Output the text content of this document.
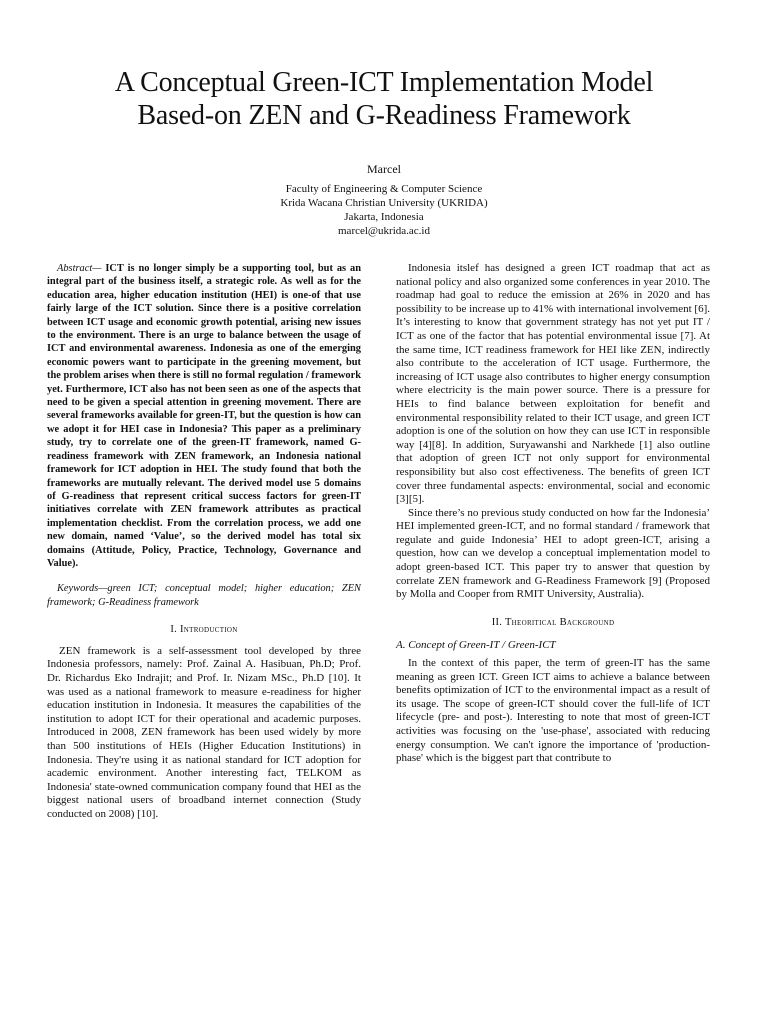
A Conceptual Green-ICT Implementation Model
Based-on ZEN and G-Readiness Framework
Marcel
Faculty of Engineering & Computer Science
Krida Wacana Christian University (UKRIDA)
Jakarta, Indonesia
marcel@ukrida.ac.id

Abstract— ICT is no longer simply be a supporting tool, but as an integral part of the business itself, a strategic role. As well as for the education area, higher education institution (HEI) is one-of that use fairly large of the ICT solution. Since there is a positive correlation between ICT usage and economic growth potential, arising new issues to the environment. There is an urge to balance between the usage of ICT and environmental awareness. Indonesia as one of the emerging economic powers want to participate in the greening movement, but the problem arises when there is still no formal regulation / framework yet. Furthermore, ICT also has not been seen as one of the aspects that need to be given a special attention in greening movement. There are several frameworks available for green-IT, but the question is how can we adopt it for HEI case in Indonesia? This paper as a preliminary study, try to correlate one of the green-IT framework, named G-readiness framework with ZEN framework, an Indonesia national framework for ICT adoption in HEI. The study found that both the frameworks are mutually relevant. The derived model use 5 domains of G-readiness that represent critical success factors for green-IT initiatives correlate with ZEN framework attributes as practical implementation checklist. From the correlation process, we add one new domain, named ‘Value’, so the derived model has total six domains (Attitude, Policy, Practice, Technology, Governance and Value).

Keywords—green ICT; conceptual model; higher education; ZEN framework; G-Readiness framework

I. Introduction

ZEN framework is a self-assessment tool developed by three Indonesia professors, namely: Prof. Zainal A. Hasibuan, Ph.D; Prof. Dr. Richardus Eko Indrajit; and Prof. Ir. Nizam MSc., Ph.D [10]. It was used as a national framework to measure e-readiness for higher education institution in Indonesia. It measures the capabilities of the institution to adopt ICT for their operational and academic purposes. Introduced in 2008, ZEN framework has been used widely by more than 500 institutions of HEIs (Higher Education Institutions) in Indonesia. They're using it as national standard for ICT adoption for academic environment. Another interesting fact, TELKOM as Indonesia' state-owned communication company found that HEI as the biggest national users of broadband internet connection (Study conducted on 2008) [10].

Indonesia itslef has designed a green ICT roadmap that act as national policy and also organized some conferences in year 2010. The roadmap had goal to reduce the emission at 26% in 2020 and has possibility to be increase up to 41% with international involvement [6]. It’s interesting to know that government strategy has not yet put IT / ICT as one of the factor that has potential environmental issue [7]. At the same time, ICT readiness framework for HEI like ZEN, indirectly also contribute to the acceleration of ICT usage. Furthermore, the increasing of ICT usage also contributes to higher energy consumption where electricity is the main power source. There is a pressure for HEIs to find balance between exploitation for benefit and environmental responsibility related to their ICT usage, and green ICT adoption is one of the solution on how they can use ICT in responsible way [4][8]. In addition, Suryawanshi and Narkhede [1] also outline that adoption of green ICT not only support for environmental responsibility but also cost effectiveness. The benefits of green ICT cover three fundamental aspects: environmental, social and economic [3][5].

Since there’s no previous study conducted on how far the Indonesia’ HEI implemented green-ICT, and no formal standard / framework that regulate and guide Indonesia’ HEI to adopt green-ICT, arising a question, how can we develop a conceptual implementation model to adopt green-based ICT. This paper try to answer that question by correlate ZEN framework and G-Readiness Framework [9] (Proposed by Molla and Cooper from RMIT University, Australia).

II. Theoritical Background
A. Concept of Green-IT / Green-ICT

In the context of this paper, the term of green-IT has the same meaning as green ICT. Green ICT aims to achieve a balance between benefits optimization of ICT to the environmental impact as a result of its usage. The scope of green-ICT should cover the full-life of ICT lifecycle (pre- and post-). Interesting to note that most of green-ICT activities was focusing on the 'use-phase', associated with reducing energy consumption. We can't ignore the importance of 'production-phase' which is the biggest part that contribute to
